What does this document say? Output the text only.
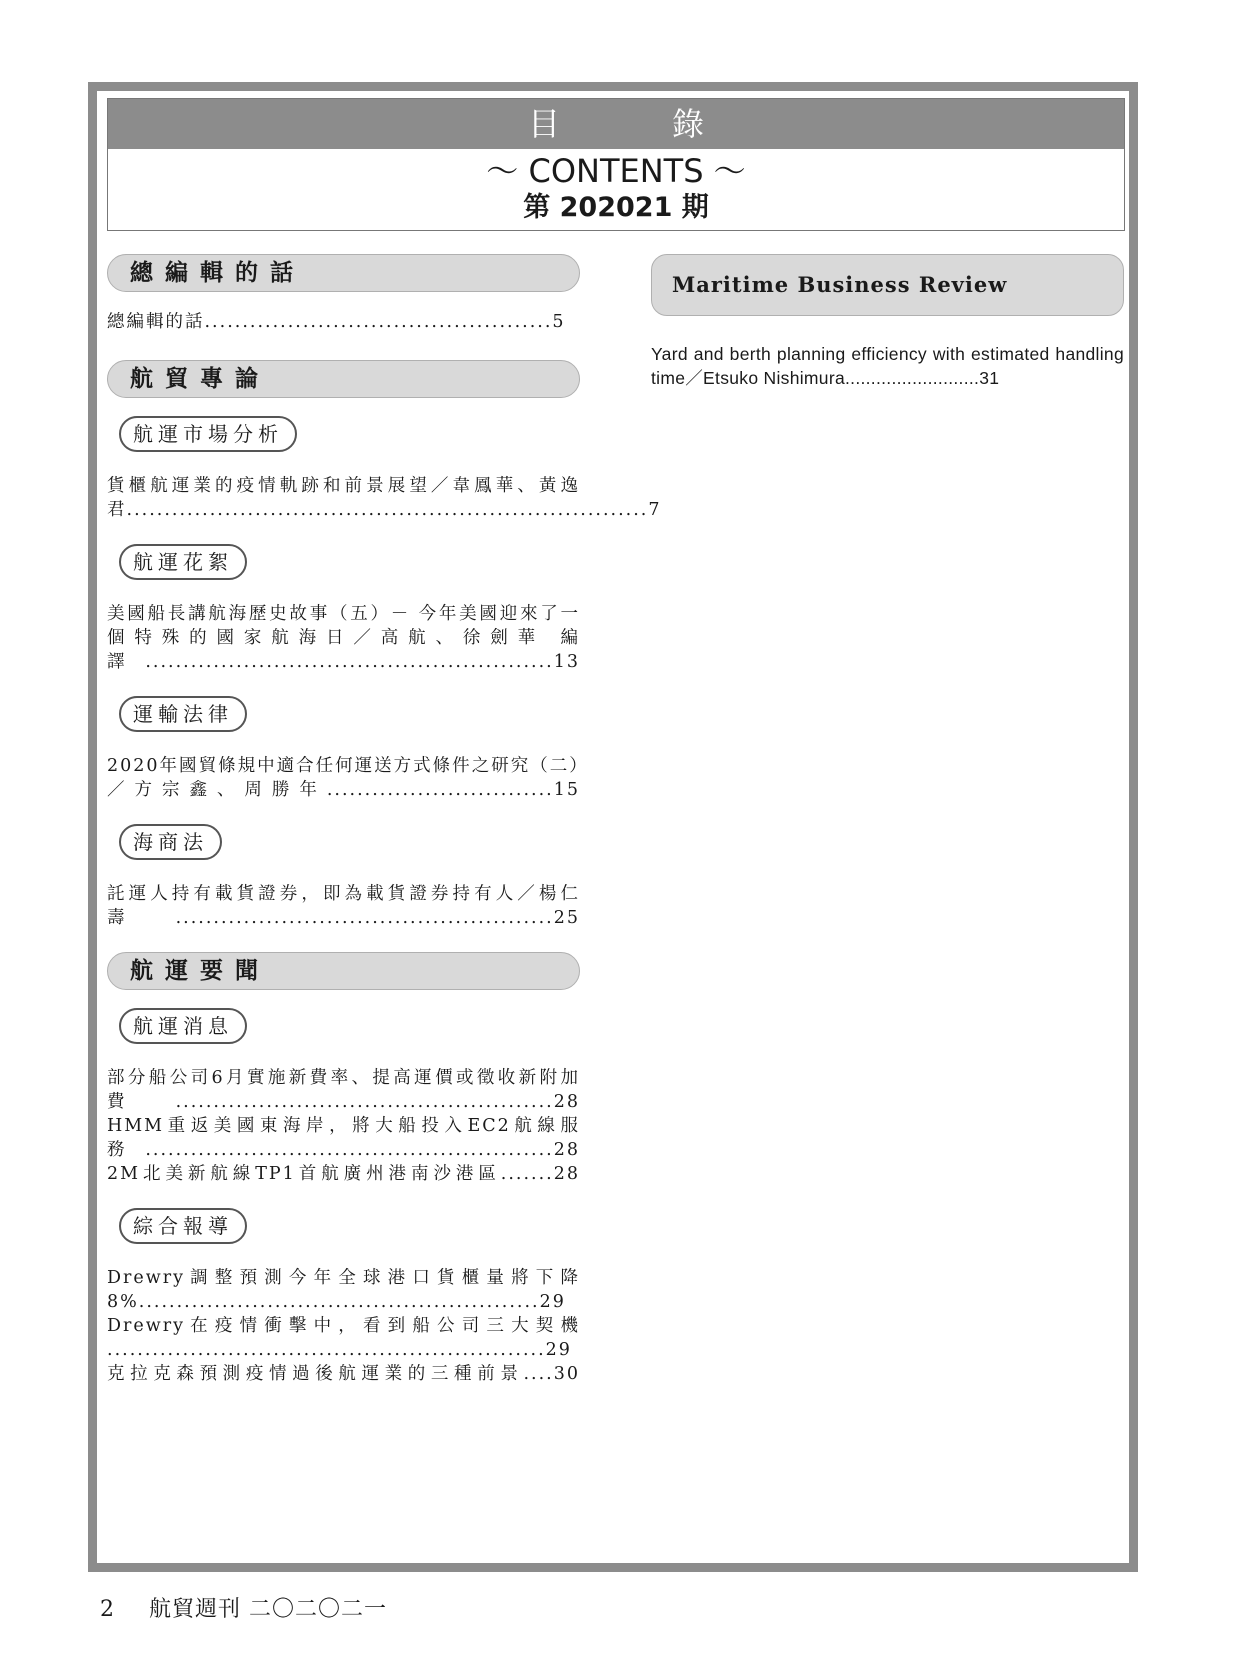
目　錄
～ CONTENTS ～
第 202021 期
總編輯的話
總編輯的話..............................................5
航貿專論
航運市場分析
貨櫃航運業的疫情軌跡和前景展望／韋鳳華、黃逸君.....................................................................7
航運花絮
美國船長講航海歷史故事（五）－ 今年美國迎來了一個特殊的國家航海日／高航、徐劍華 編譯......................................................13
運輸法律
2020年國貿條規中適合任何運送方式條件之研究（二）／方宗鑫、周勝年..............................15
海商法
託運人持有載貨證券，即為載貨證券持有人／楊仁壽..................................................25
航運要聞
航運消息
部分船公司6月實施新費率、提高運價或徵收新附加費..................................................28
HMM重返美國東海岸，將大船投入EC2航線服務......................................................28
2M北美新航線TP1首航廣州港南沙港區.......28
綜合報導
Drewry調整預測今年全球港口貨櫃量將下降8%.....................................................29
Drewry在疫情衝擊中，看到船公司三大契機 ..........................................................29
克拉克森預測疫情過後航運業的三種前景....30
Maritime Business Review
Yard and berth planning efficiency with estimated handling time／Etsuko Nishimura..........................31
2 航貿週刊 二〇二〇二一
